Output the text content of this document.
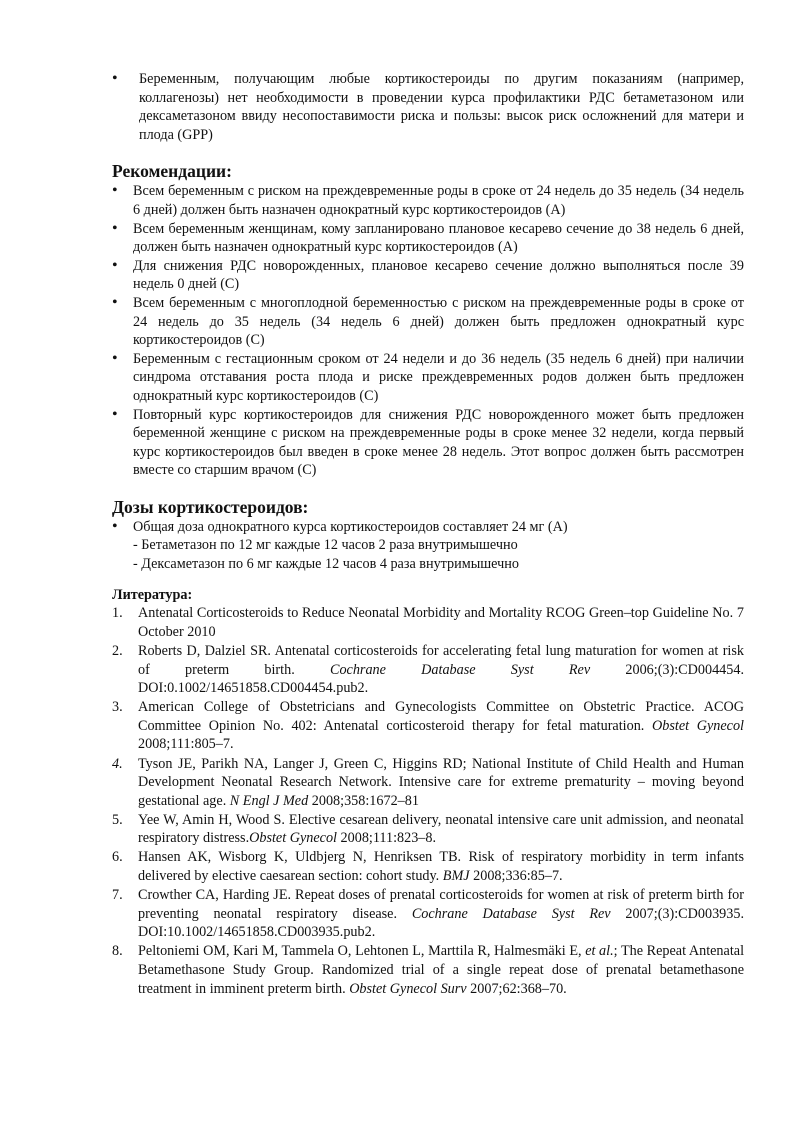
• Беременным, получающим любые кортикостероиды по другим показаниям (например, коллагенозы) нет необходимости в проведении курса профилактики РДС бетаметазоном или дексаметазоном ввиду несопоставимости риска и пользы: высок риск осложнений для матери и плода (GPP)
Рекомендации:
• Всем беременным с риском на преждевременные роды в сроке от 24 недель до 35 недель (34 недель 6 дней) должен быть назначен однократный курс кортикостероидов (А)
• Всем беременным женщинам, кому запланировано плановое кесарево сечение до 38 недель 6 дней, должен быть назначен однократный курс кортикостероидов (А)
• Для снижения РДС новорожденных, плановое кесарево сечение должно выполняться после 39 недель 0 дней (С)
• Всем беременным с многоплодной беременностью с риском на преждевременные роды в сроке от 24 недель до 35 недель (34 недель 6 дней) должен быть предложен однократный курс кортикостероидов (С)
• Беременным с гестационным сроком от 24 недели и до 36 недель (35 недель 6 дней) при наличии синдрома отставания роста плода и риске преждевременных родов должен быть предложен однократный курс кортикостероидов (С)
• Повторный курс кортикостероидов для снижения РДС новорожденного может быть предложен беременной женщине с риском на преждевременные роды в сроке менее 32 недели, когда первый курс кортикостероидов был введен в сроке менее 28 недель. Этот вопрос должен быть рассмотрен вместе со старшим врачом (С)
Дозы кортикостероидов:
• Общая доза однократного курса кортикостероидов составляет 24 мг (А)
- Бетаметазон по 12 мг каждые 12 часов 2 раза внутримышечно
- Дексаметазон по 6 мг каждые 12 часов 4 раза внутримышечно
Литература:
1. Antenatal Corticosteroids to Reduce Neonatal Morbidity and Mortality RCOG Green–top Guideline No. 7 October 2010
2. Roberts D, Dalziel SR. Antenatal corticosteroids for accelerating fetal lung maturation for women at risk of preterm birth. Cochrane Database Syst Rev 2006;(3):CD004454. DOI:0.1002/14651858.CD004454.pub2.
3. American College of Obstetricians and Gynecologists Committee on Obstetric Practice. ACOG Committee Opinion No. 402: Antenatal corticosteroid therapy for fetal maturation. Obstet Gynecol 2008;111:805–7.
4. Tyson JE, Parikh NA, Langer J, Green C, Higgins RD; National Institute of Child Health and Human Development Neonatal Research Network. Intensive care for extreme prematurity – moving beyond gestational age. N Engl J Med 2008;358:1672–81
5. Yee W, Amin H, Wood S. Elective cesarean delivery, neonatal intensive care unit admission, and neonatal respiratory distress.Obstet Gynecol 2008;111:823–8.
6. Hansen AK, Wisborg K, Uldbjerg N, Henriksen TB. Risk of respiratory morbidity in term infants delivered by elective caesarean section: cohort study. BMJ 2008;336:85–7.
7. Crowther CA, Harding JE. Repeat doses of prenatal corticosteroids for women at risk of preterm birth for preventing neonatal respiratory disease. Cochrane Database Syst Rev 2007;(3):CD003935. DOI:10.1002/14651858.CD003935.pub2.
8. Peltoniemi OM, Kari M, Tammela O, Lehtonen L, Marttila R, Halmesmäki E, et al.; The Repeat Antenatal Betamethasone Study Group. Randomized trial of a single repeat dose of prenatal betamethasone treatment in imminent preterm birth. Obstet Gynecol Surv 2007;62:368–70.
